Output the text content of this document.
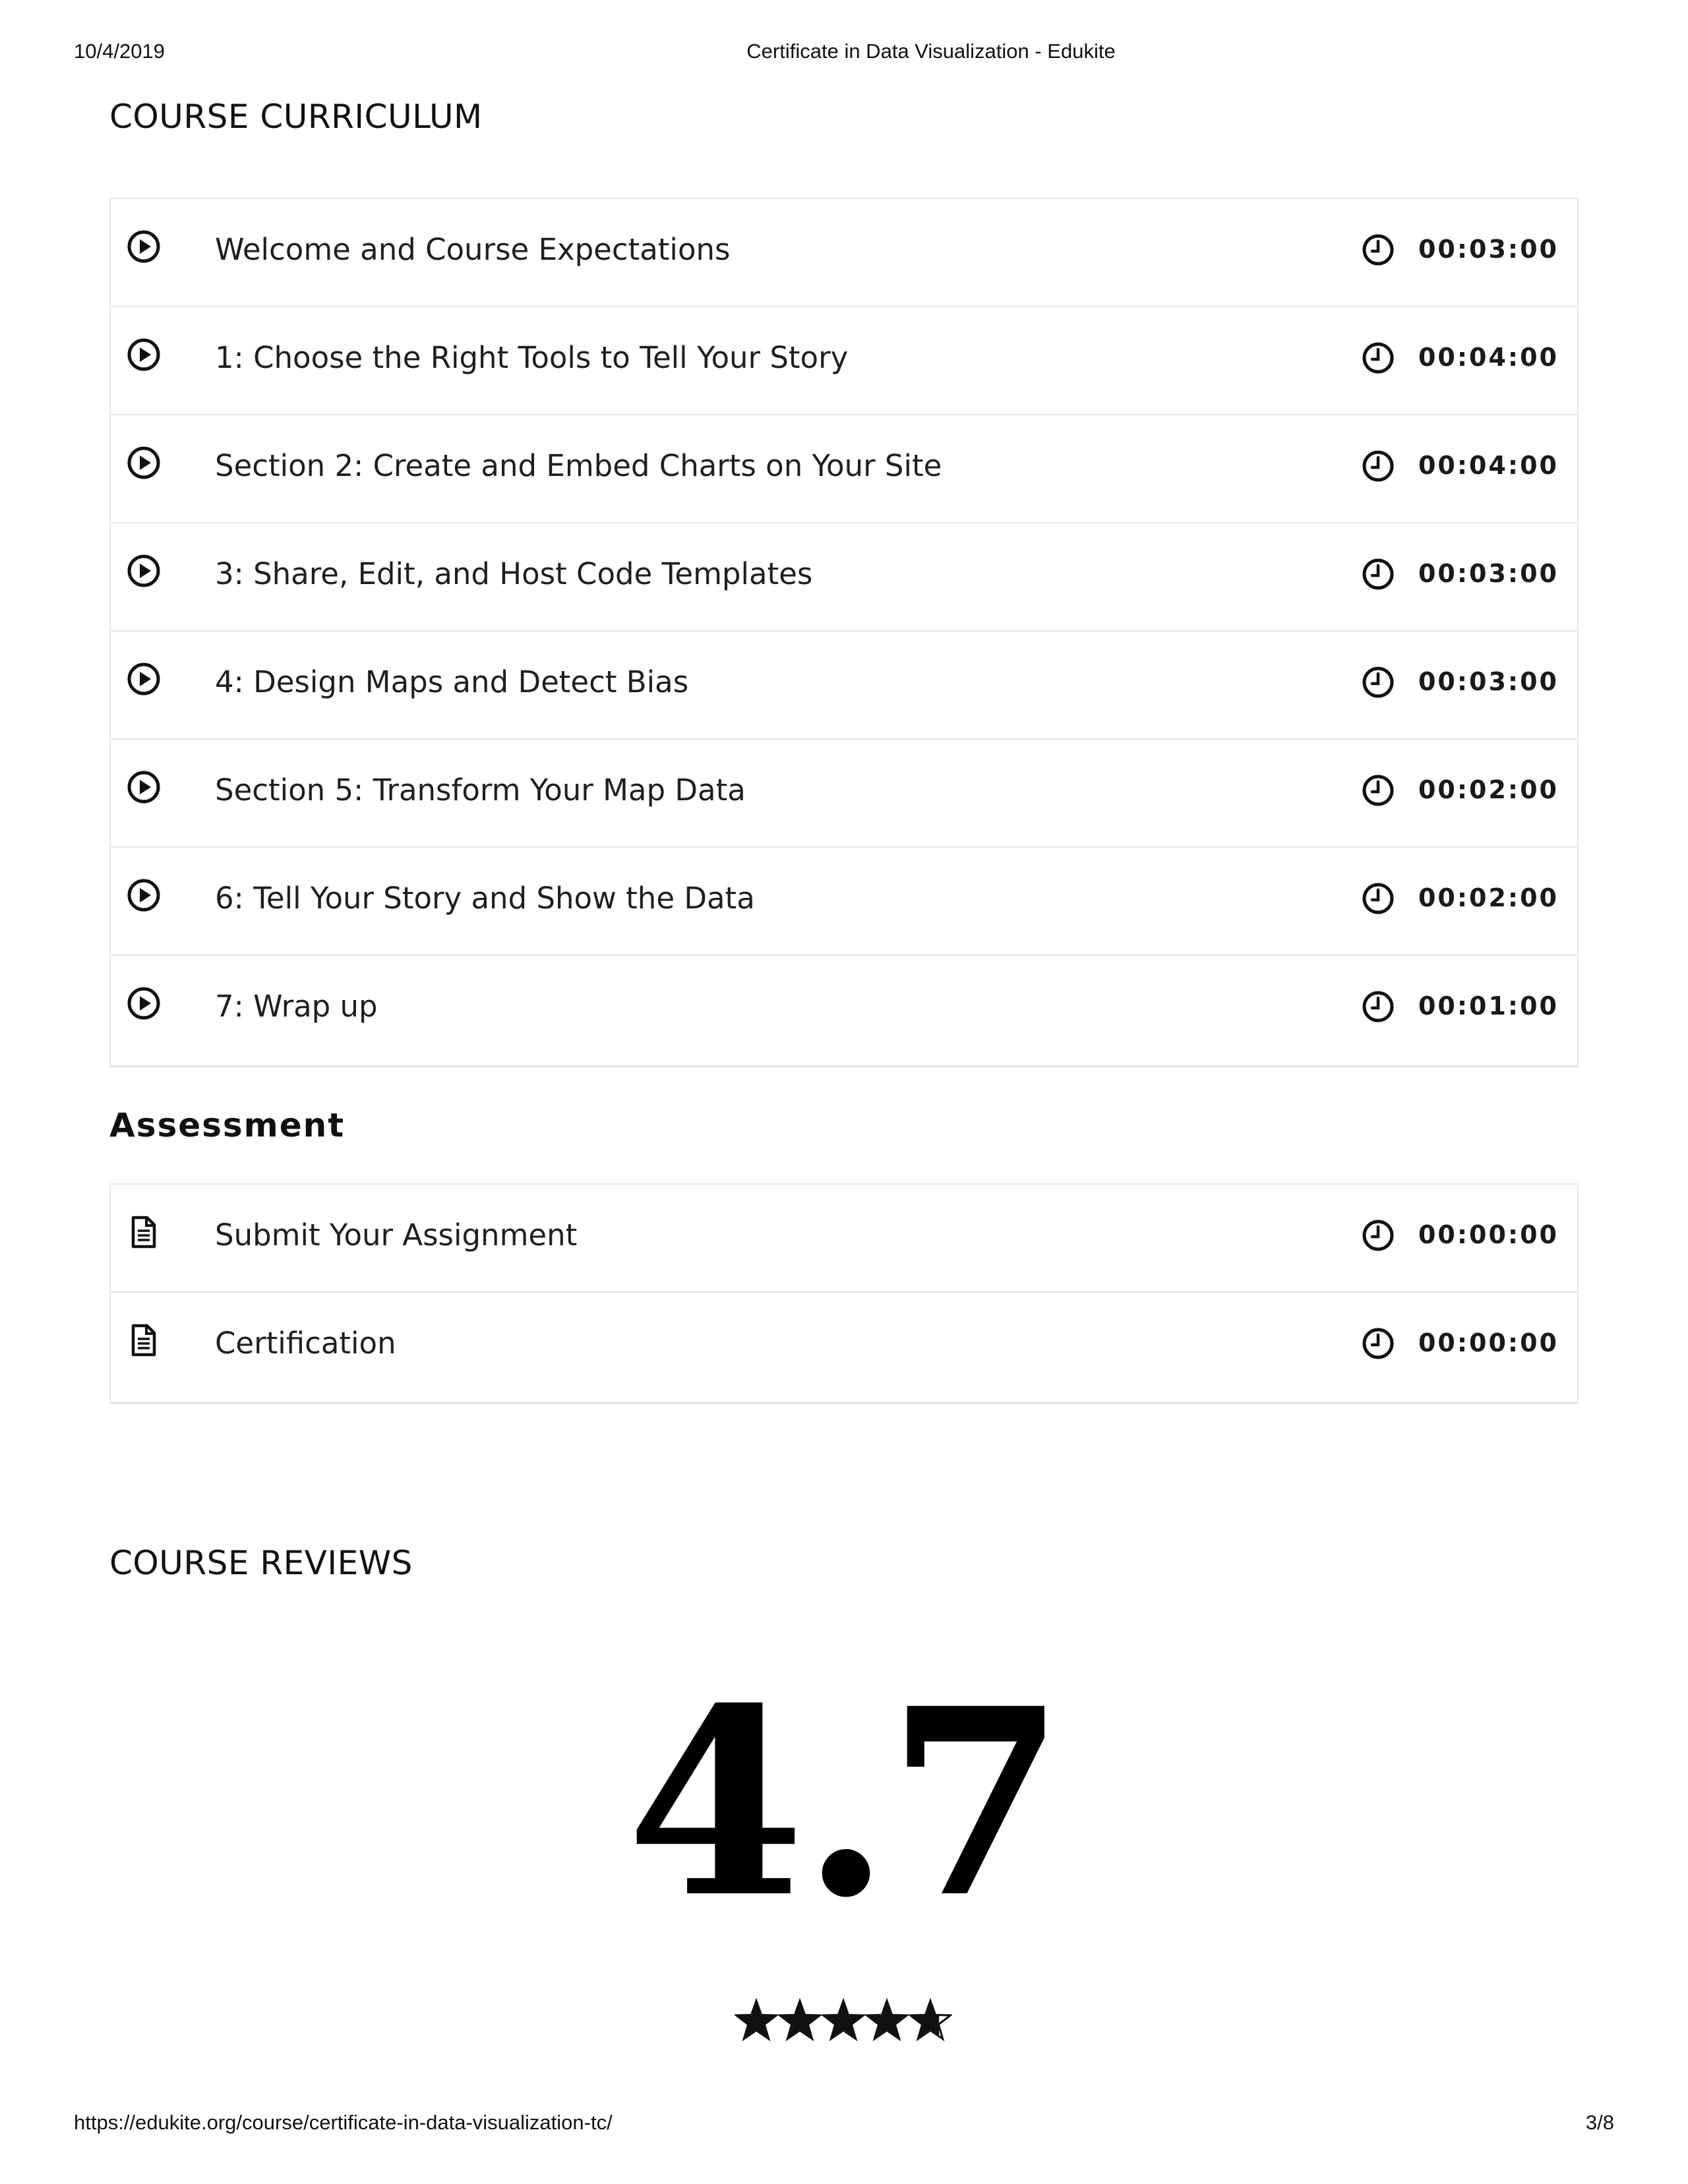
10/4/2019	Certificate in Data Visualization - Edukite
COURSE CURRICULUM
Welcome and Course Expectations	00:03:00
1: Choose the Right Tools to Tell Your Story	00:04:00
Section 2: Create and Embed Charts on Your Site	00:04:00
3: Share, Edit, and Host Code Templates	00:03:00
4: Design Maps and Detect Bias	00:03:00
Section 5: Transform Your Map Data	00:02:00
6: Tell Your Story and Show the Data	00:02:00
7: Wrap up	00:01:00
Assessment
Submit Your Assignment	00:00:00
Certification	00:00:00
COURSE REVIEWS
4.7
https://edukite.org/course/certificate-in-data-visualization-tc/	3/8
